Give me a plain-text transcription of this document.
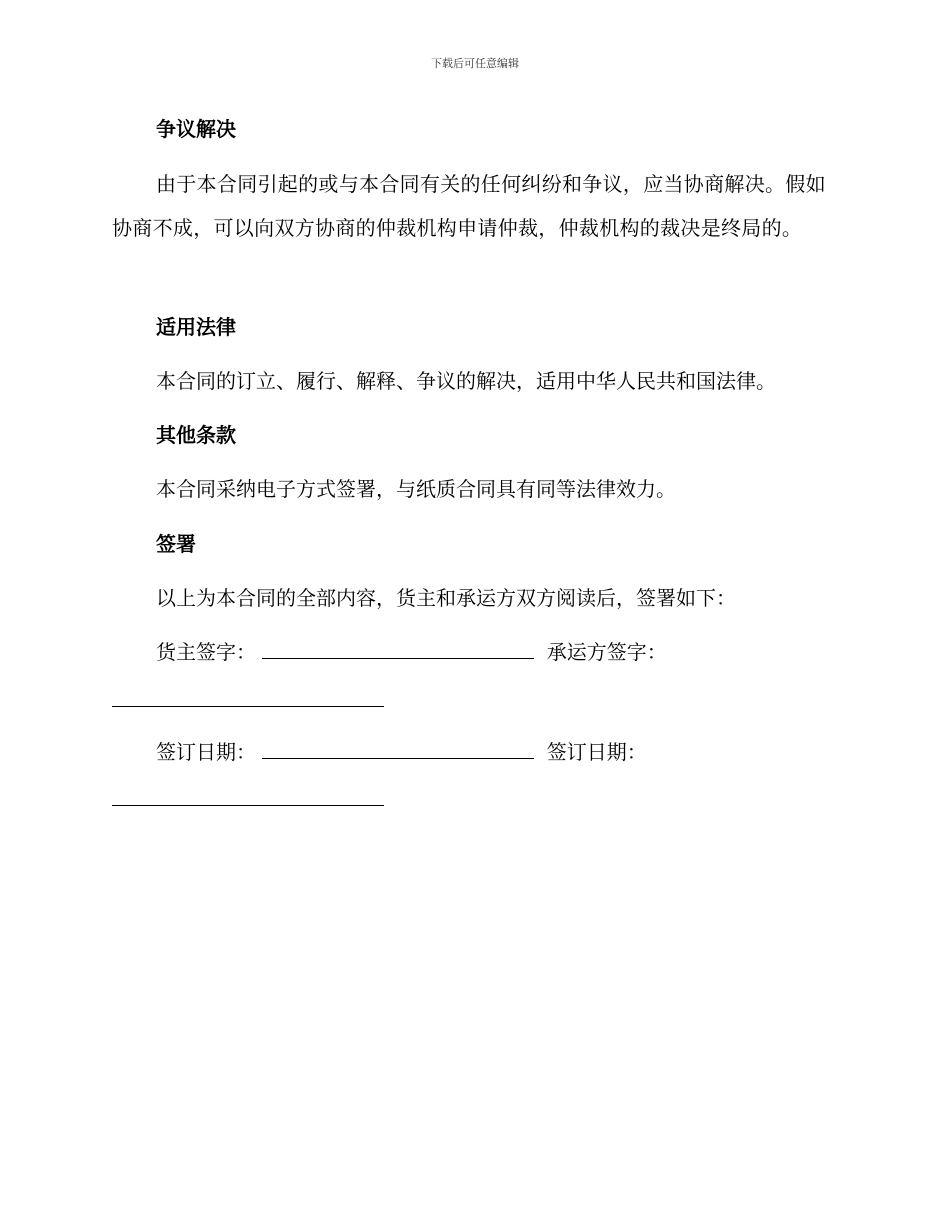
下载后可任意编辑
争议解决
由于本合同引起的或与本合同有关的任何纠纷和争议，应当协商解决。假如协商不成，可以向双方协商的仲裁机构申请仲裁，仲裁机构的裁决是终局的。
适用法律
本合同的订立、履行、解释、争议的解决，适用中华人民共和国法律。
其他条款
本合同采纳电子方式签署，与纸质合同具有同等法律效力。
签署
以上为本合同的全部内容，货主和承运方双方阅读后，签署如下：
货主签字：	承运方签字：
签订日期：	签订日期：
